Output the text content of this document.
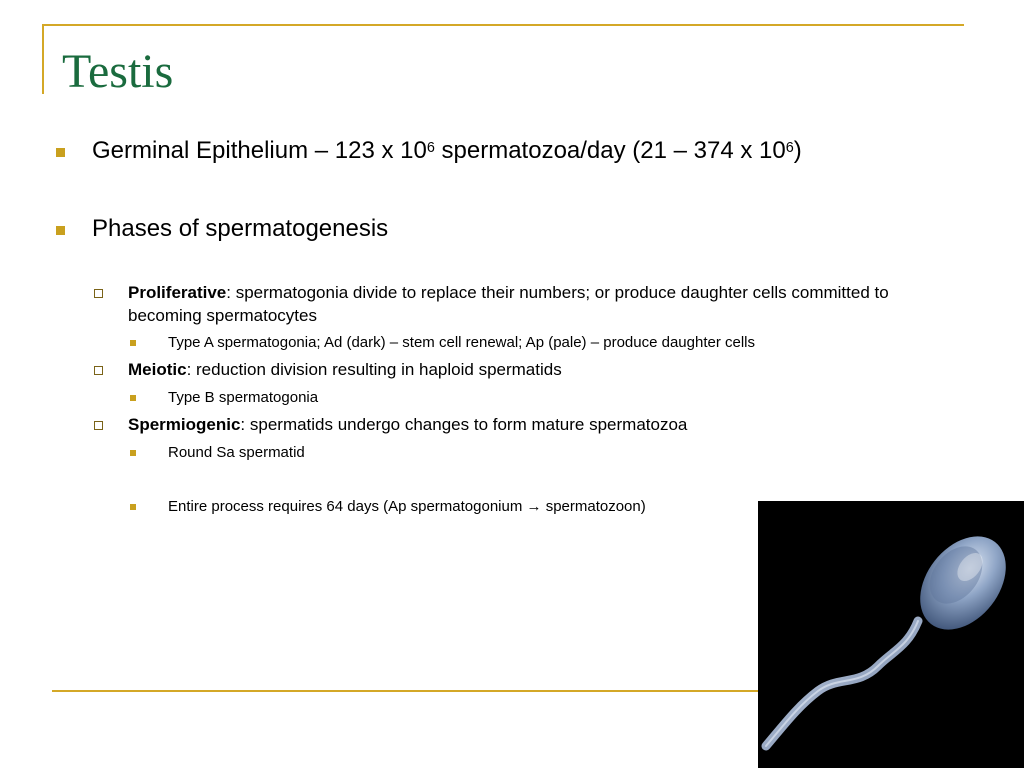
Testis
Germinal Epithelium – 123 x $10^6$ spermatozoa/day (21 – 374 x $10^6$)
Phases of spermatogenesis
Proliferative: spermatogonia divide to replace their numbers; or produce daughter cells committed to becoming spermatocytes
Type A spermatogonia; Ad (dark) – stem cell renewal; Ap (pale) – produce daughter cells
Meiotic: reduction division resulting in haploid spermatids
Type B spermatogonia
Spermiogenic: spermatids undergo changes to form mature spermatozoa
Round Sa spermatid
Entire process requires 64 days (Ap spermatogonium → spermatozoon)
